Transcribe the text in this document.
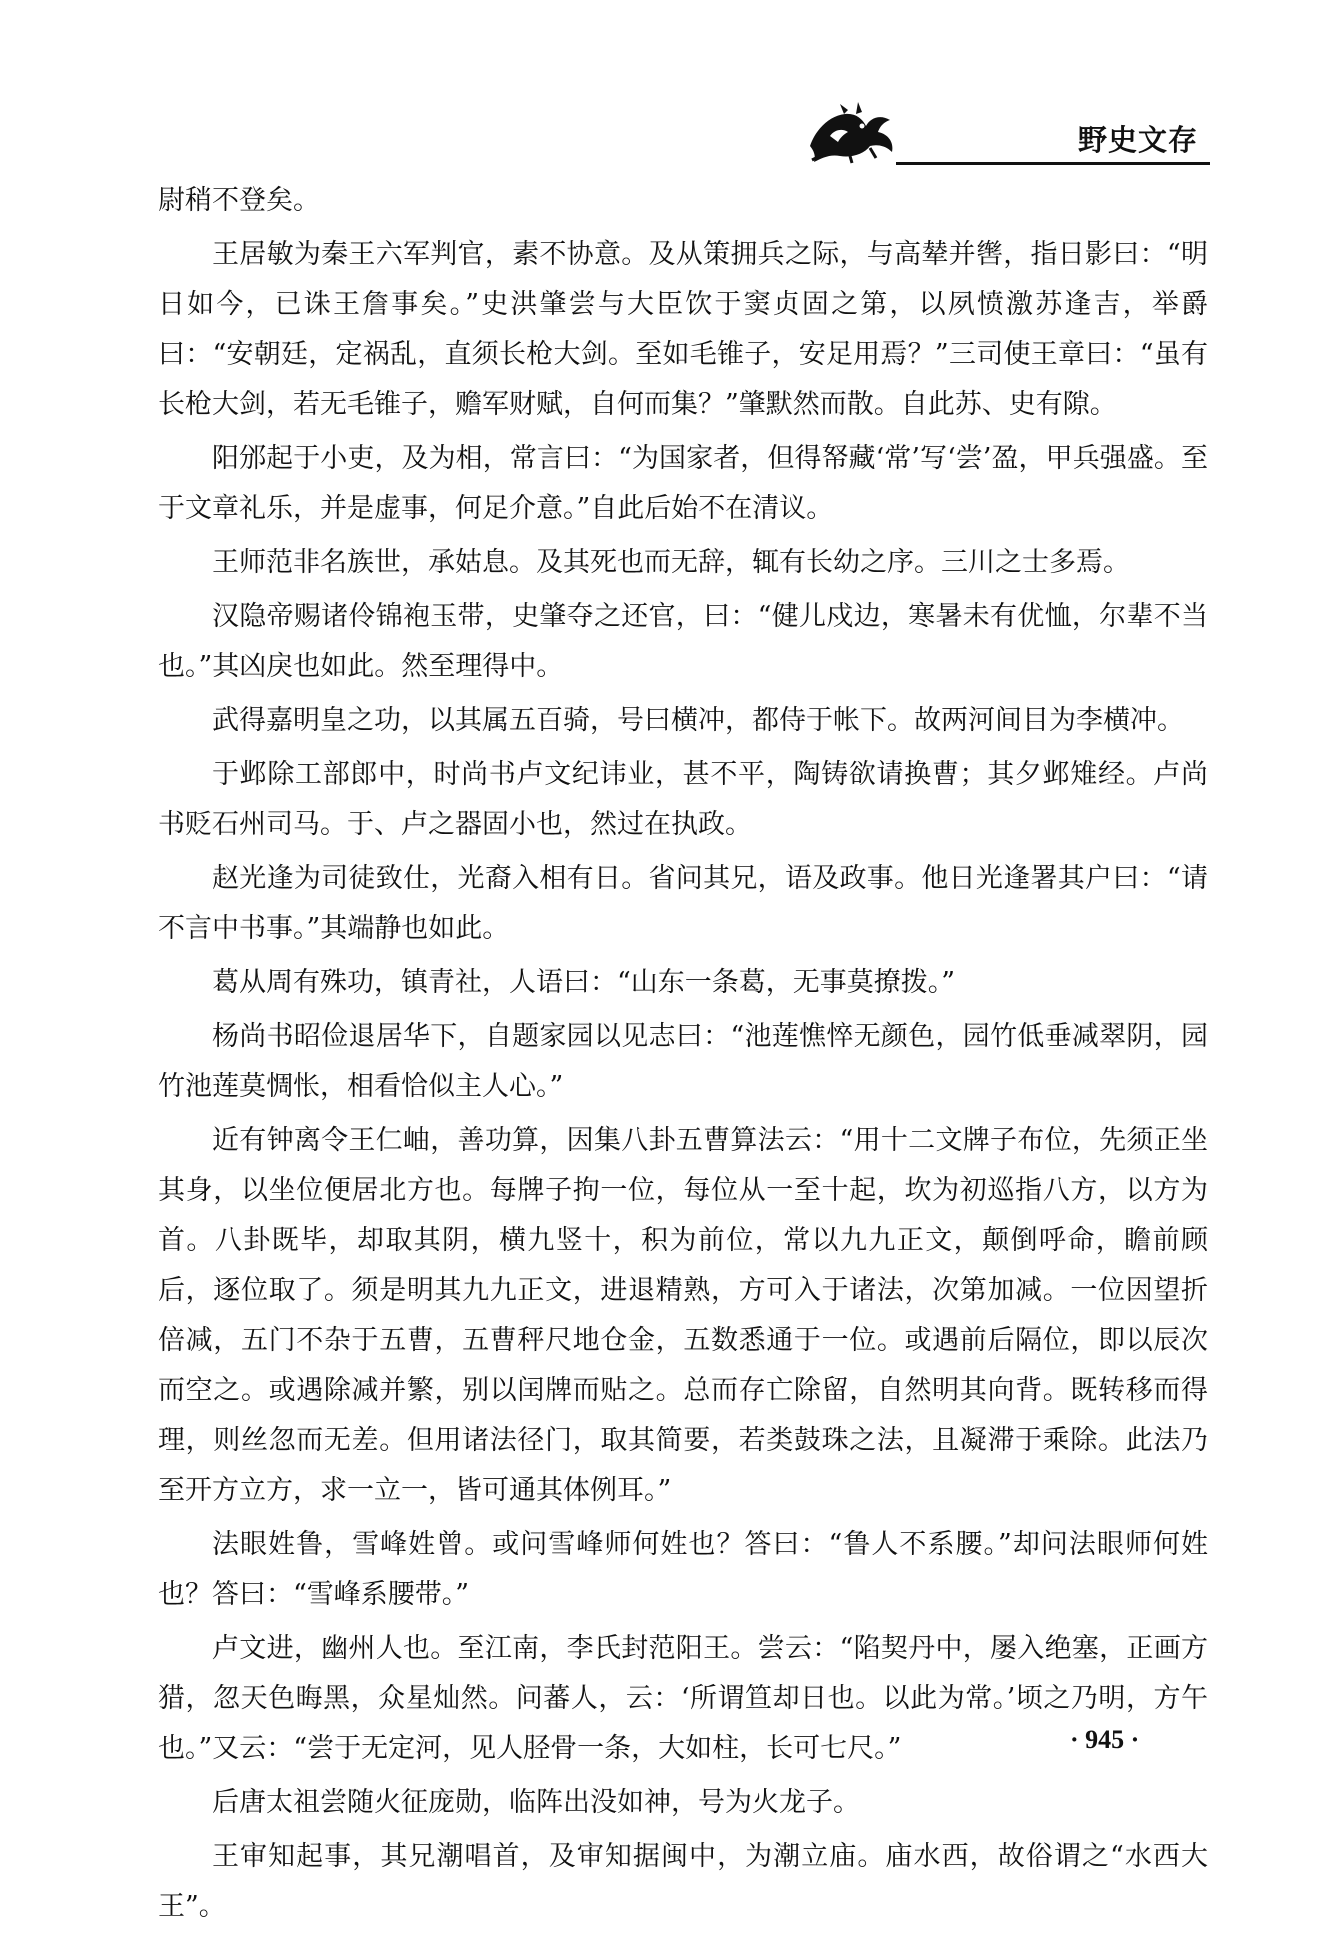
野史文存

尉稍不登矣。

王居敏为秦王六军判官，素不协意。及从策拥兵之际，与高辇并辔，指日影曰：“明日如今，已诛王詹事矣。”史洪肇尝与大臣饮于窦贞固之第，以夙愤激苏逢吉，举爵曰：“安朝廷，定祸乱，直须长枪大剑。至如毛锥子，安足用焉？”三司使王章曰：“虽有长枪大剑，若无毛锥子，赡军财赋，自何而集？”肇默然而散。自此苏、史有隙。

阳邠起于小吏，及为相，常言曰：“为国家者，但得帑藏‘常’写‘尝’盈，甲兵强盛。至于文章礼乐，并是虚事，何足介意。”自此后始不在清议。

王师范非名族世，承姑息。及其死也而无辞，辄有长幼之序。三川之士多焉。

汉隐帝赐诸伶锦袍玉带，史肇夺之还官，曰：“健儿戍边，寒暑未有优恤，尔辈不当也。”其凶戾也如此。然至理得中。

武得嘉明皇之功，以其属五百骑，号曰横冲，都侍于帐下。故两河间目为李横冲。

于邺除工部郎中，时尚书卢文纪讳业，甚不平，陶铸欲请换曹；其夕邺雉经。卢尚书贬石州司马。于、卢之器固小也，然过在执政。

赵光逢为司徒致仕，光裔入相有日。省问其兄，语及政事。他日光逢署其户曰：“请不言中书事。”其端静也如此。

葛从周有殊功，镇青社，人语曰：“山东一条葛，无事莫撩拨。”

杨尚书昭俭退居华下，自题家园以见志曰：“池莲憔悴无颜色，园竹低垂减翠阴，园竹池莲莫惆怅，相看恰似主人心。”

近有钟离令王仁岫，善功算，因集八卦五曹算法云：“用十二文牌子布位，先须正坐其身，以坐位便居北方也。每牌子拘一位，每位从一至十起，坎为初巡指八方，以方为首。八卦既毕，却取其阴，横九竖十，积为前位，常以九九正文，颠倒呼命，瞻前顾后，逐位取了。须是明其九九正文，进退精熟，方可入于诸法，次第加减。一位因望折倍减，五门不杂于五曹，五曹秤尺地仓金，五数悉通于一位。或遇前后隔位，即以辰次而空之。或遇除减并繁，别以闰牌而贴之。总而存亡除留，自然明其向背。既转移而得理，则丝忽而无差。但用诸法径门，取其简要，若类鼓珠之法，且凝滞于乘除。此法乃至开方立方，求一立一，皆可通其体例耳。”

法眼姓鲁，雪峰姓曾。或问雪峰师何姓也？答曰：“鲁人不系腰。”却问法眼师何姓也？答曰：“雪峰系腰带。”

卢文进，幽州人也。至江南，李氏封范阳王。尝云：“陷契丹中，屡入绝塞，正画方猎，忽天色晦黑，众星灿然。问蕃人，云：‘所谓笪却日也。以此为常。’顷之乃明，方午也。”又云：“尝于无定河，见人胫骨一条，大如柱，长可七尺。”

后唐太祖尝随火征庞勋，临阵出没如神，号为火龙子。

王审知起事，其兄潮唱首，及审知据闽中，为潮立庙。庙水西，故俗谓之“水西大王”。

· 945 ·
